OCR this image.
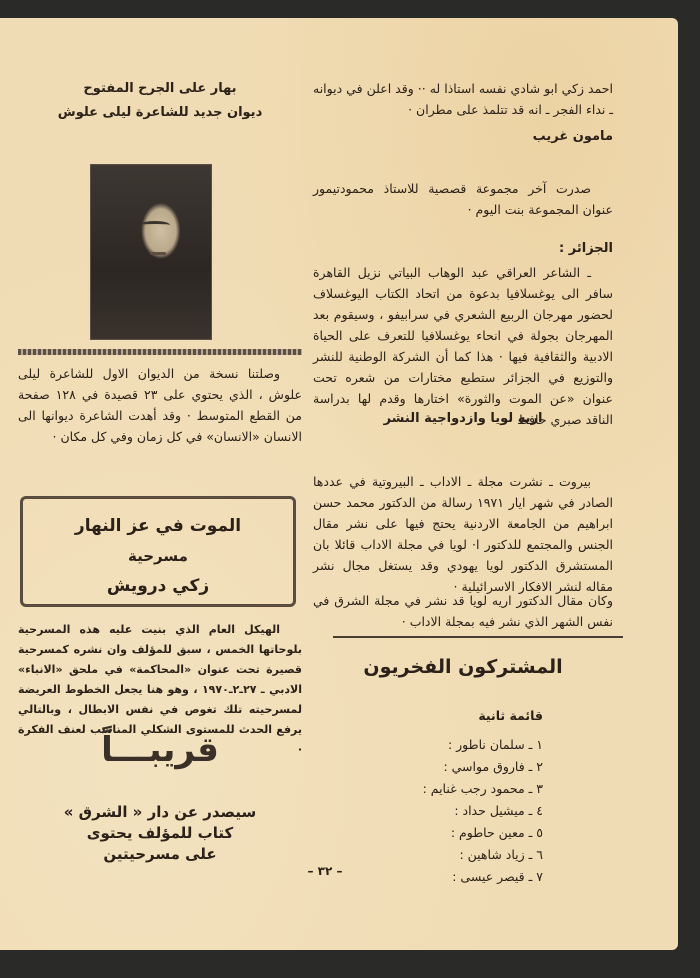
احمد زكي ابو شادي نفسه استاذا له ·· وقد اعلن في ديوانه ـ نداء الفجر ـ انه قد تتلمذ على مطران ·

مامون غريب

صدرت آخر مجموعة قصصية للاستاذ محمودتيمور عنوان المجموعة بنت اليوم ·

الجزائر :

ـ الشاعر العراقي عبد الوهاب البياتي نزيل القاهرة سافر الى يوغسلافيا بدعوة من اتحاد الكتاب اليوغسلاف لحضور مهرجان الربيع الشعري في سرابيفو ، وسيقوم بعد المهرجان بجولة في انحاء يوغسلافيا للتعرف على الحياة الادبية والثقافية فيها · هذا كما أن الشركة الوطنية للنشر والتوزيع في الجزائر ستطبع مختارات من شعره تحت عنوان «عن الموت والثورة» اختارها وقدم لها بدراسة الناقد صبري حافظ ·

اريه لويا وازدواجية النشر

بيروت ـ نشرت مجلة ـ الاداب ـ البيروتية في عددها الصادر في شهر ايار ١٩٧١ رسالة من الدكتور محمد حسن ابراهيم من الجامعة الاردنية يحتج فيها على نشر مقال الجنس والمجتمع للدكتور ا· لويا في مجلة الاداب قائلا بان المستشرق الدكتور لويا يهودي وقد يستغل مجال نشر مقاله لنشر الافكار الاسرائيلية ·

وكان مقال الدكتور اريه لويا قد نشر في مجلة الشرق في نفس الشهر الذي نشر فيه بمجلة الاداب ·

المشتركون الفخريون
قائمة ثانية
١ ـ سلمان ناطور :
٢ ـ فاروق مواسي :
٣ ـ محمود رجب غنايم :
٤ ـ ميشيل حداد :
٥ ـ معين حاطوم :
٦ ـ زياد شاهين :
٧ ـ قيصر عيسى :

بهار على الجرح المفتوح

ديوان جديد للشاعرة ليلى علوش

وصلتنا نسخة من الديوان الاول للشاعرة ليلى علوش ، الذي يحتوي على ٢٣ قصيدة في ١٢٨ صفحة من القطع المتوسط · وقد أهدت الشاعرة ديوانها الى الانسان «الانسان» في كل زمان وفي كل مكان ·

الموت في عز النهار
مسرحية
زكي درويش

الهيكل العام الذي بنيت عليه هذه المسرحية بلوحاتها الخمس ، سبق للمؤلف وان نشره كمسرحية قصيرة تحت عنوان «المحاكمة» في ملحق «الانباء» الادبي ـ ٢٧ـ٢ـ١٩٧٠ ، وهو هنا يجعل الخطوط العريضة لمسرحيته تلك تغوص في نفس الابطال ، وبالتالي يرفع الحدث للمستوى الشكلي المناسب لعنف الفكرة ·

قريبـــاً
سيصدر عن دار « الشرق »
كتاب للمؤلف يحتوى
على مسرحيتين
– ٣٢ –
